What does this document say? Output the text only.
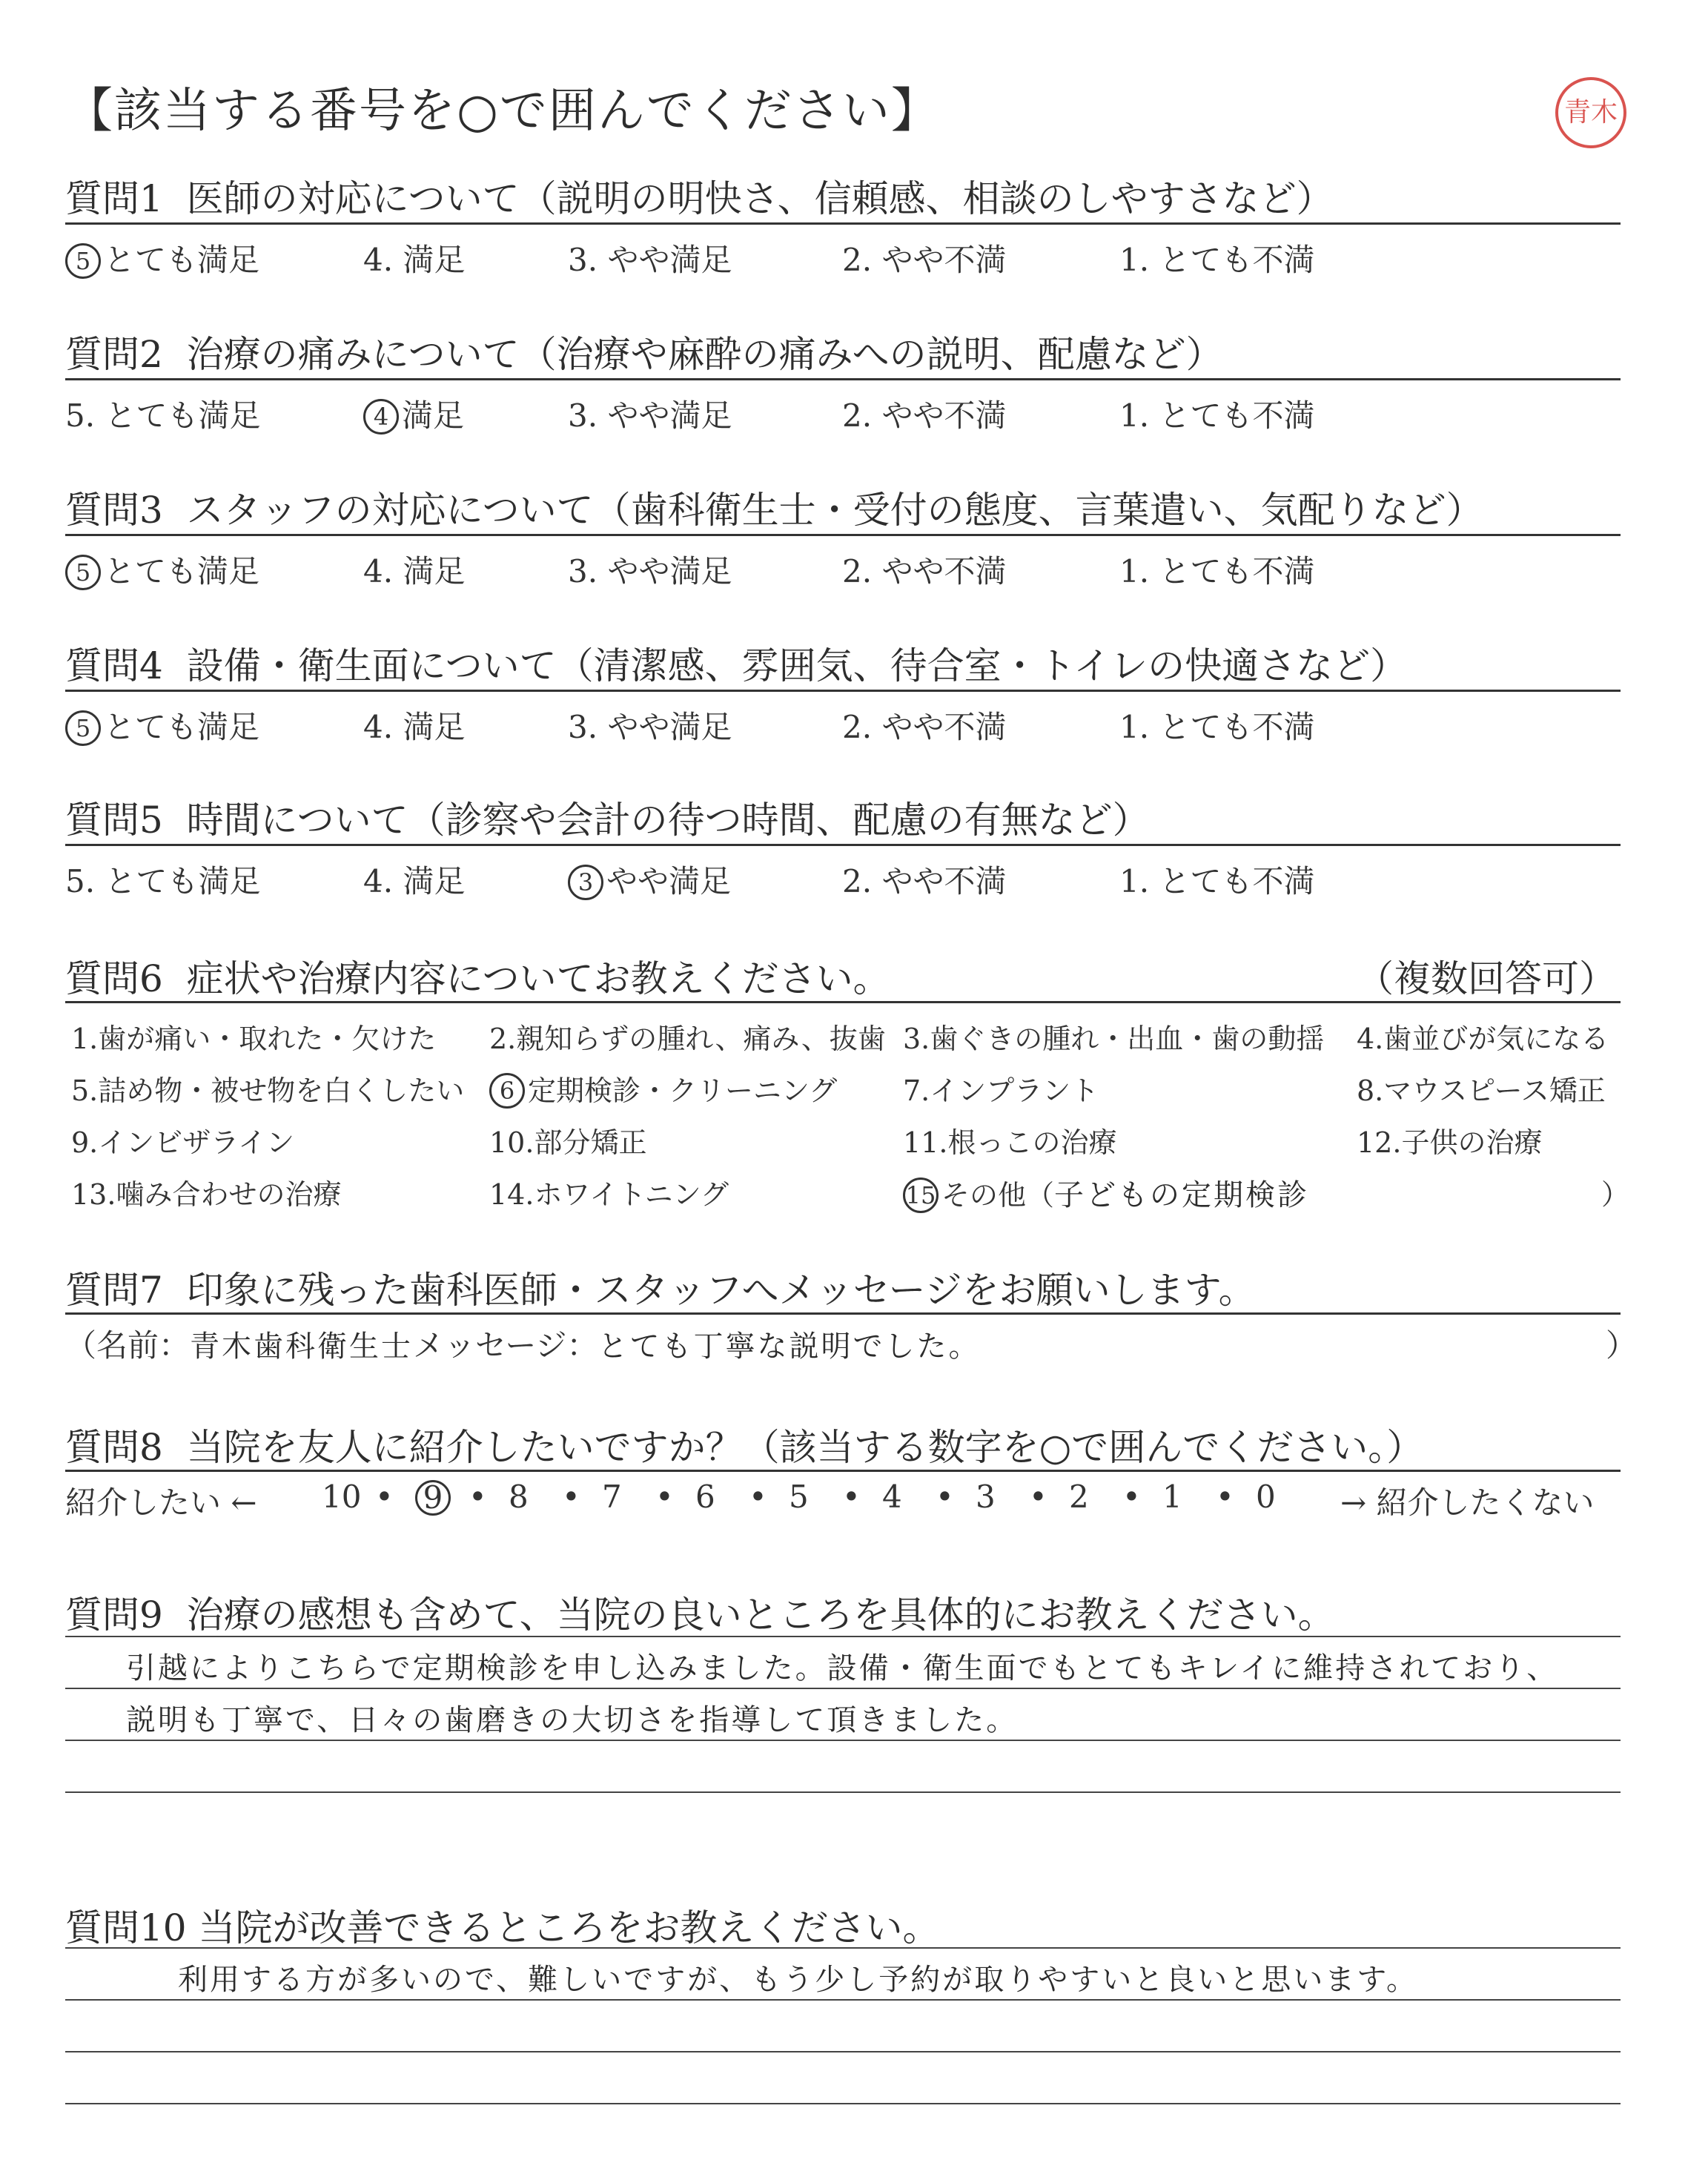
【該当する番号を○で囲んでください】	青木
質問1 医師の対応について（説明の明快さ、信頼感、相談のしやすさなど）
5 とても満足	4. 満足	3. やや満足	2. やや不満	1. とても不満
質問2 治療の痛みについて（治療や麻酔の痛みへの説明、配慮など）
5. とても満足	4 満足	3. やや満足	2. やや不満	1. とても不満
質問3 スタッフの対応について（歯科衛生士・受付の態度、言葉遣い、気配りなど）
5 とても満足	4. 満足	3. やや満足	2. やや不満	1. とても不満
質問4 設備・衛生面について（清潔感、雰囲気、待合室・トイレの快適さなど）
5 とても満足	4. 満足	3. やや満足	2. やや不満	1. とても不満
質問5 時間について（診察や会計の待つ時間、配慮の有無など）
5. とても満足	4. 満足	3 やや満足	2. やや不満	1. とても不満
質問6 症状や治療内容についてお教えください。	（複数回答可）
1.歯が痛い・取れた・欠けた 2.親知らずの腫れ、痛み、抜歯 3.歯ぐきの腫れ・出血・歯の動揺 4.歯並びが気になる
5.詰め物・被せ物を白くしたい	6 定期検診・クリーニング 7.インプラント	8.マウスピース矯正
9.インビザライン	10.部分矯正	11.根っこの治療	12.子供の治療
13.噛み合わせの治療	14.ホワイトニング	15 その他（子どもの定期検診	）
質問7 印象に残った歯科医師・スタッフへメッセージをお願いします。
（名前：青木歯科衛生士メッセージ：とても丁寧な説明でした。	）
質問8 当院を友人に紹介したいですか？（該当する数字を○で囲んでください。）
紹介したい ←	→ 紹介したくない
10 • 9 • 8 • 7 • 6 • 5 • 4 • 3 • 2 • 1 • 0
質問9 治療の感想も含めて、当院の良いところを具体的にお教えください。
引越によりこちらで定期検診を申し込みました。設備・衛生面でもとてもキレイに維持されており、
説明も丁寧で、日々の歯磨きの大切さを指導して頂きました。
質問10 当院が改善できるところをお教えください。
利用する方が多いので、難しいですが、もう少し予約が取りやすいと良いと思います。
